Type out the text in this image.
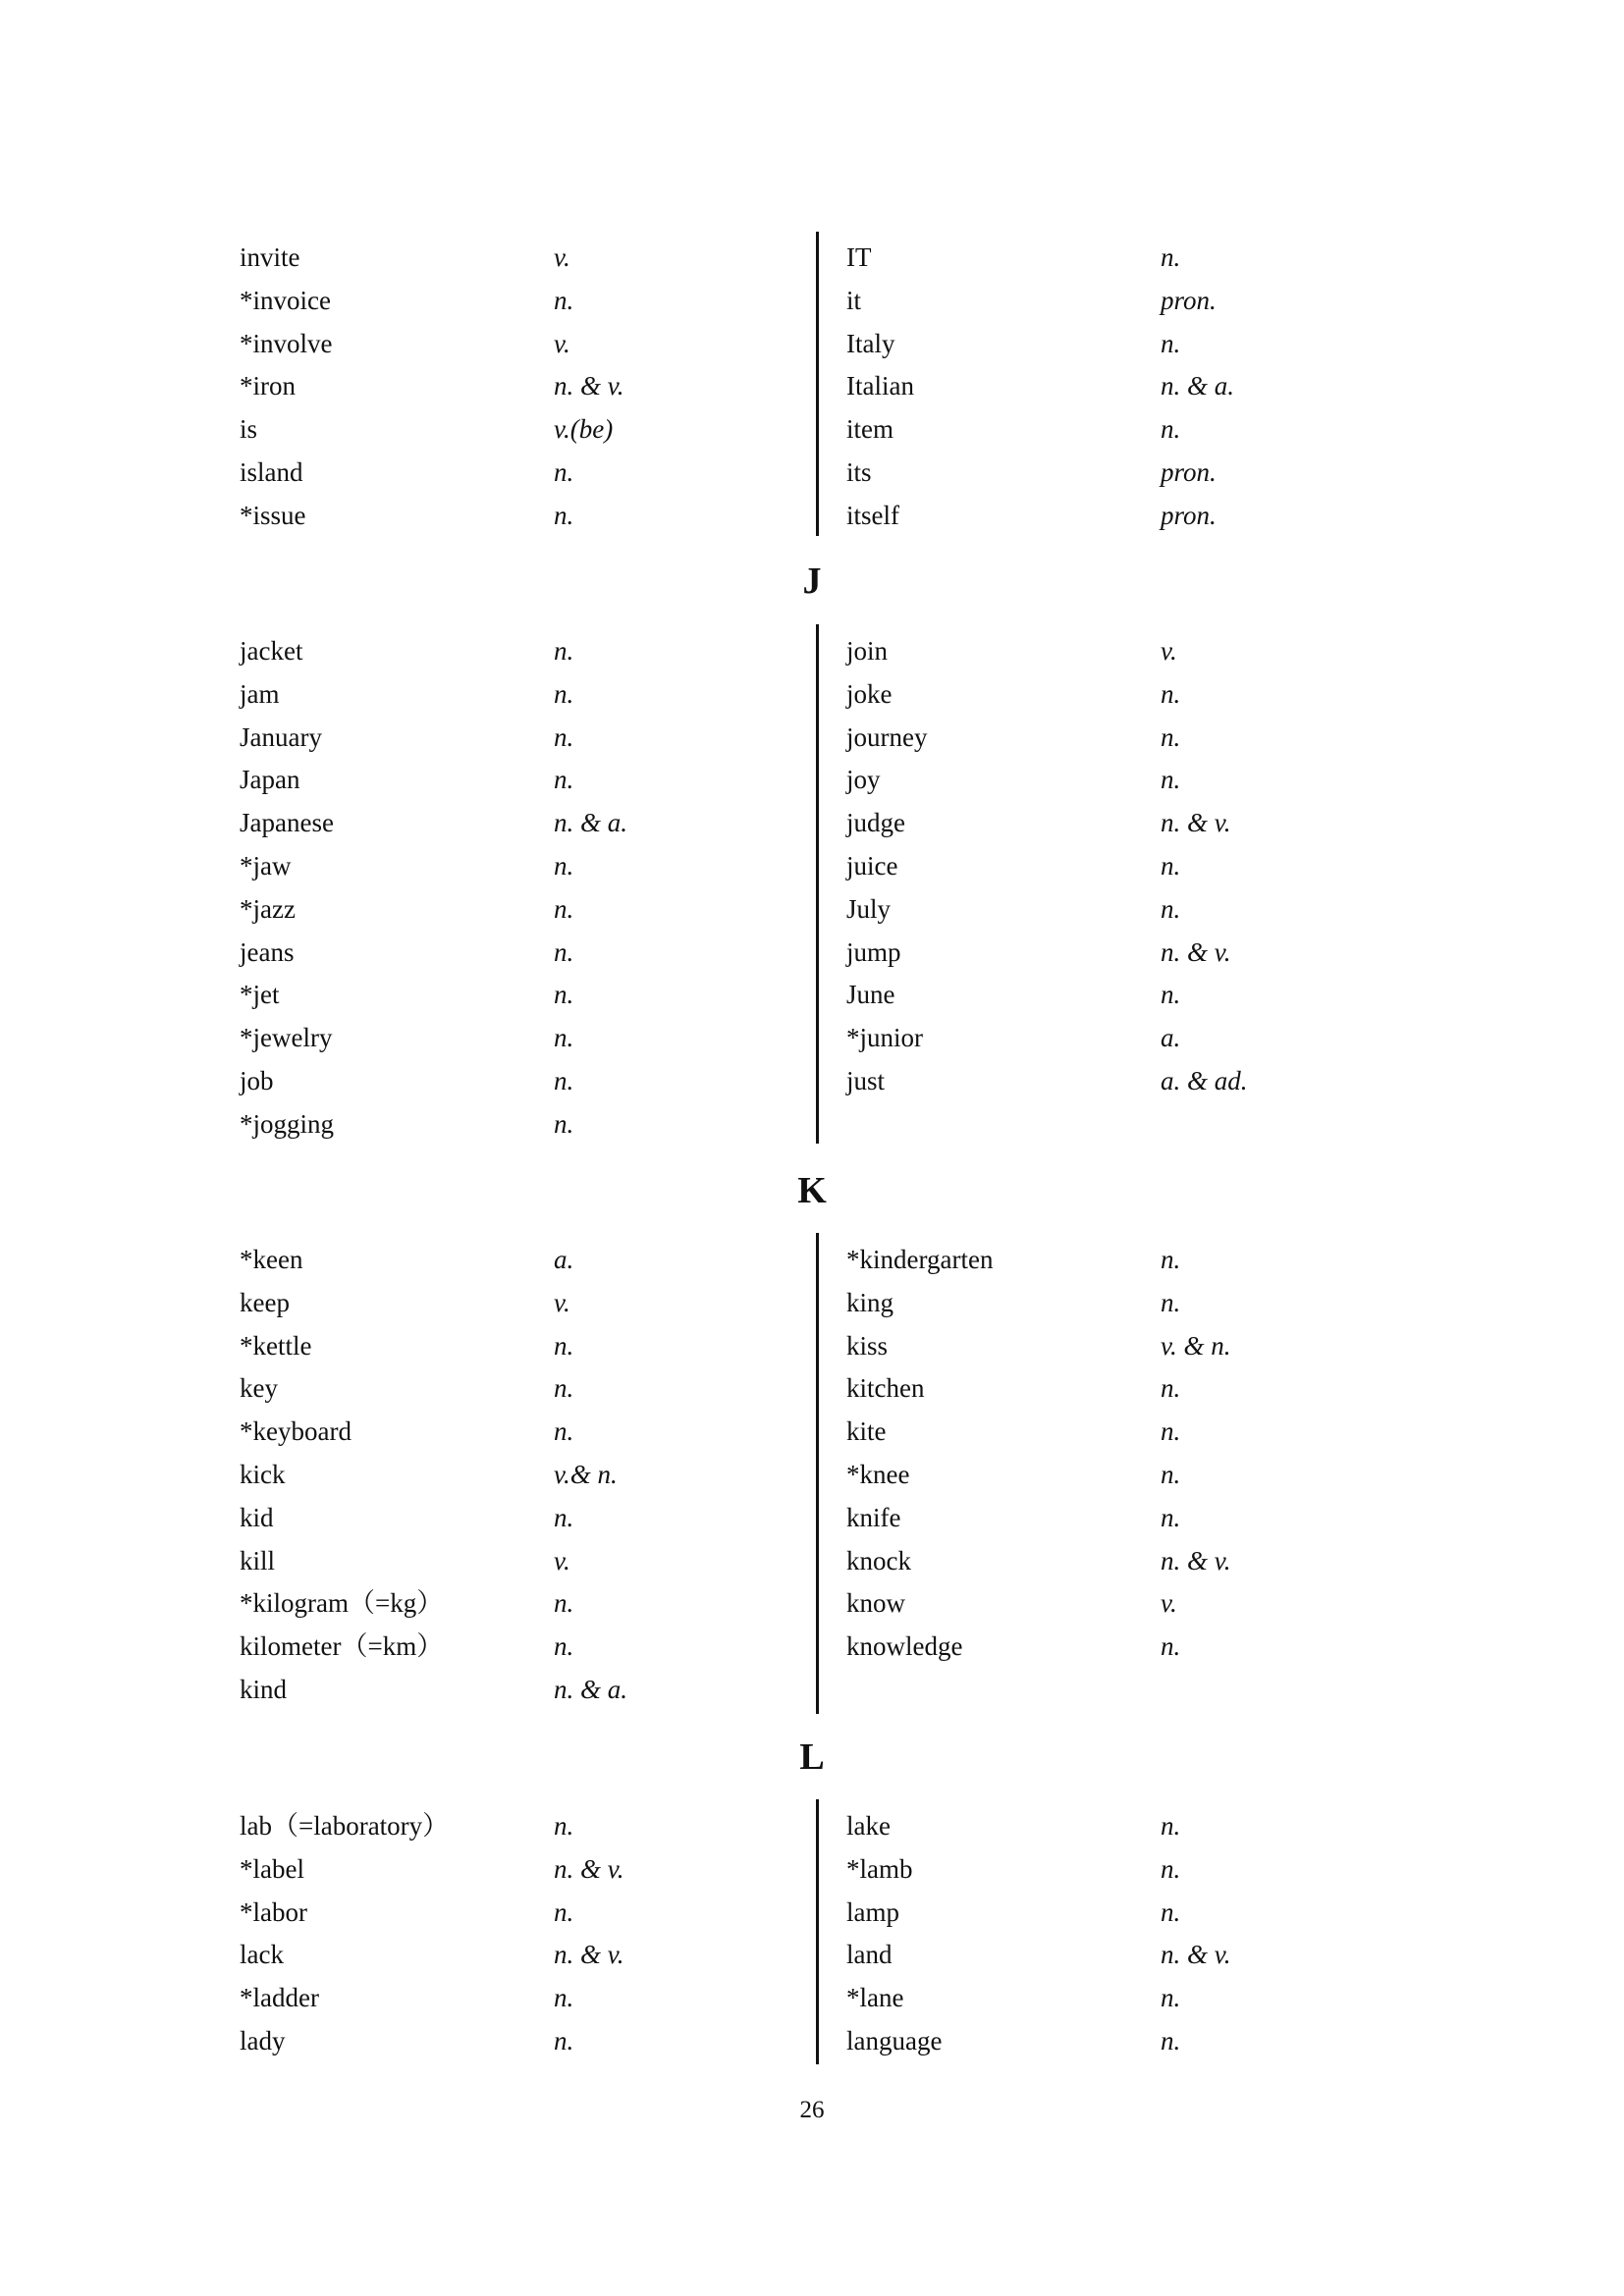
invite	v.
*invoice	n.
*involve	v.
*iron	n. & v.
is	v.(be)
island	n.
*issue	n.
IT	n.
it	pron.
Italy	n.
Italian	n. & a.
item	n.
its	pron.
itself	pron.
J
jacket	n.
jam	n.
January	n.
Japan	n.
Japanese	n. & a.
*jaw	n.
*jazz	n.
jeans	n.
*jet	n.
*jewelry	n.
job	n.
*jogging	n.
join	v.
joke	n.
journey	n.
joy	n.
judge	n. & v.
juice	n.
July	n.
jump	n. & v.
June	n.
*junior	a.
just	a. & ad.
K
*keen	a.
keep	v.
*kettle	n.
key	n.
*keyboard	n.
kick	v.& n.
kid	n.
kill	v.
*kilogram（=kg）	n.
kilometer（=km）	n.
kind	n. & a.
*kindergarten	n.
king	n.
kiss	v. & n.
kitchen	n.
kite	n.
*knee	n.
knife	n.
knock	n. & v.
know	v.
knowledge	n.
L
lab（=laboratory）	n.
*label	n. & v.
*labor	n.
lack	n. & v.
*ladder	n.
lady	n.
lake	n.
*lamb	n.
lamp	n.
land	n. & v.
*lane	n.
language	n.
26
